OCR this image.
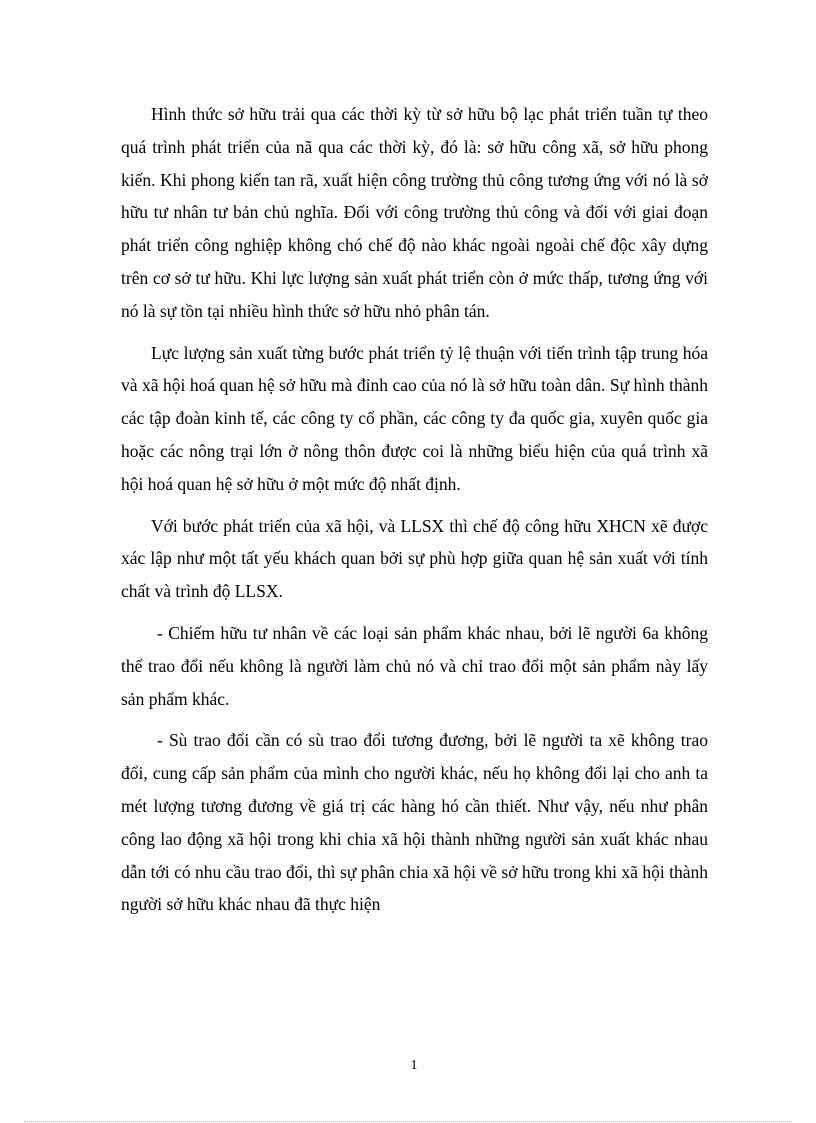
Hình thức sở hữu trải qua các thời kỳ từ sở hữu bộ lạc phát triển tuần tự theo quá trình phát triển của nã qua các thời kỳ, đó là: sở hữu công xã, sở hữu phong kiến. Khi phong kiến tan rã, xuất hiện công trường thủ công tương ứng với nó là sở hữu tư nhân tư bản chủ nghĩa. Đối với công trường thủ công và đối với giai đoạn phát triển công nghiệp không chó chế độ nào khác ngoài ngoài chế độc xây dựng trên cơ sở tư hữu. Khi lực lượng sản xuất phát triển còn ở mức thấp, tương ứng với nó là sự tồn tại nhiều hình thức sở hữu nhỏ phân tán.

Lực lượng sản xuất từng bước phát triển tỷ lệ thuận với tiến trình tập trung hóa và xã hội hoá quan hệ sở hữu mà đỉnh cao của nó là sở hữu toàn dân. Sự hình thành các tập đoàn kinh tế, các công ty cổ phần, các công ty đa quốc gia, xuyên quốc gia hoặc các nông trại lớn ở nông thôn được coi là những biểu hiện của quá trình xã hội hoá quan hệ sở hữu ở một mức độ nhất định.

Với bước phát triển của xã hội, và LLSX thì chế độ công hữu XHCN xẽ được xác lập như một tất yếu khách quan bởi sự phù hợp giữa quan hệ sản xuất với tính chất và trình độ LLSX.

- Chiếm hữu tư nhân về các loại sản phẩm khác nhau, bởi lẽ người 6a không thể trao đổi nếu không là người làm chủ nó và chỉ trao đổi một sản phẩm này lấy sản phẩm khác.

- Sù trao đổi cần có sù trao đổi tương đương, bởi lẽ người ta xẽ không trao đổi, cung cấp sản phẩm của mình cho người khác, nếu họ không đổi lại cho anh ta mét lượng tương đương về giá trị các hàng hó cần thiết. Như vậy, nếu như phân công lao động xã hội trong khi chia xã hội thành những người sản xuất khác nhau dẫn tới có nhu cầu trao đổi, thì sự phân chia xã hội về sở hữu trong khi xã hội thành người sở hữu khác nhau đã thực hiện

1
